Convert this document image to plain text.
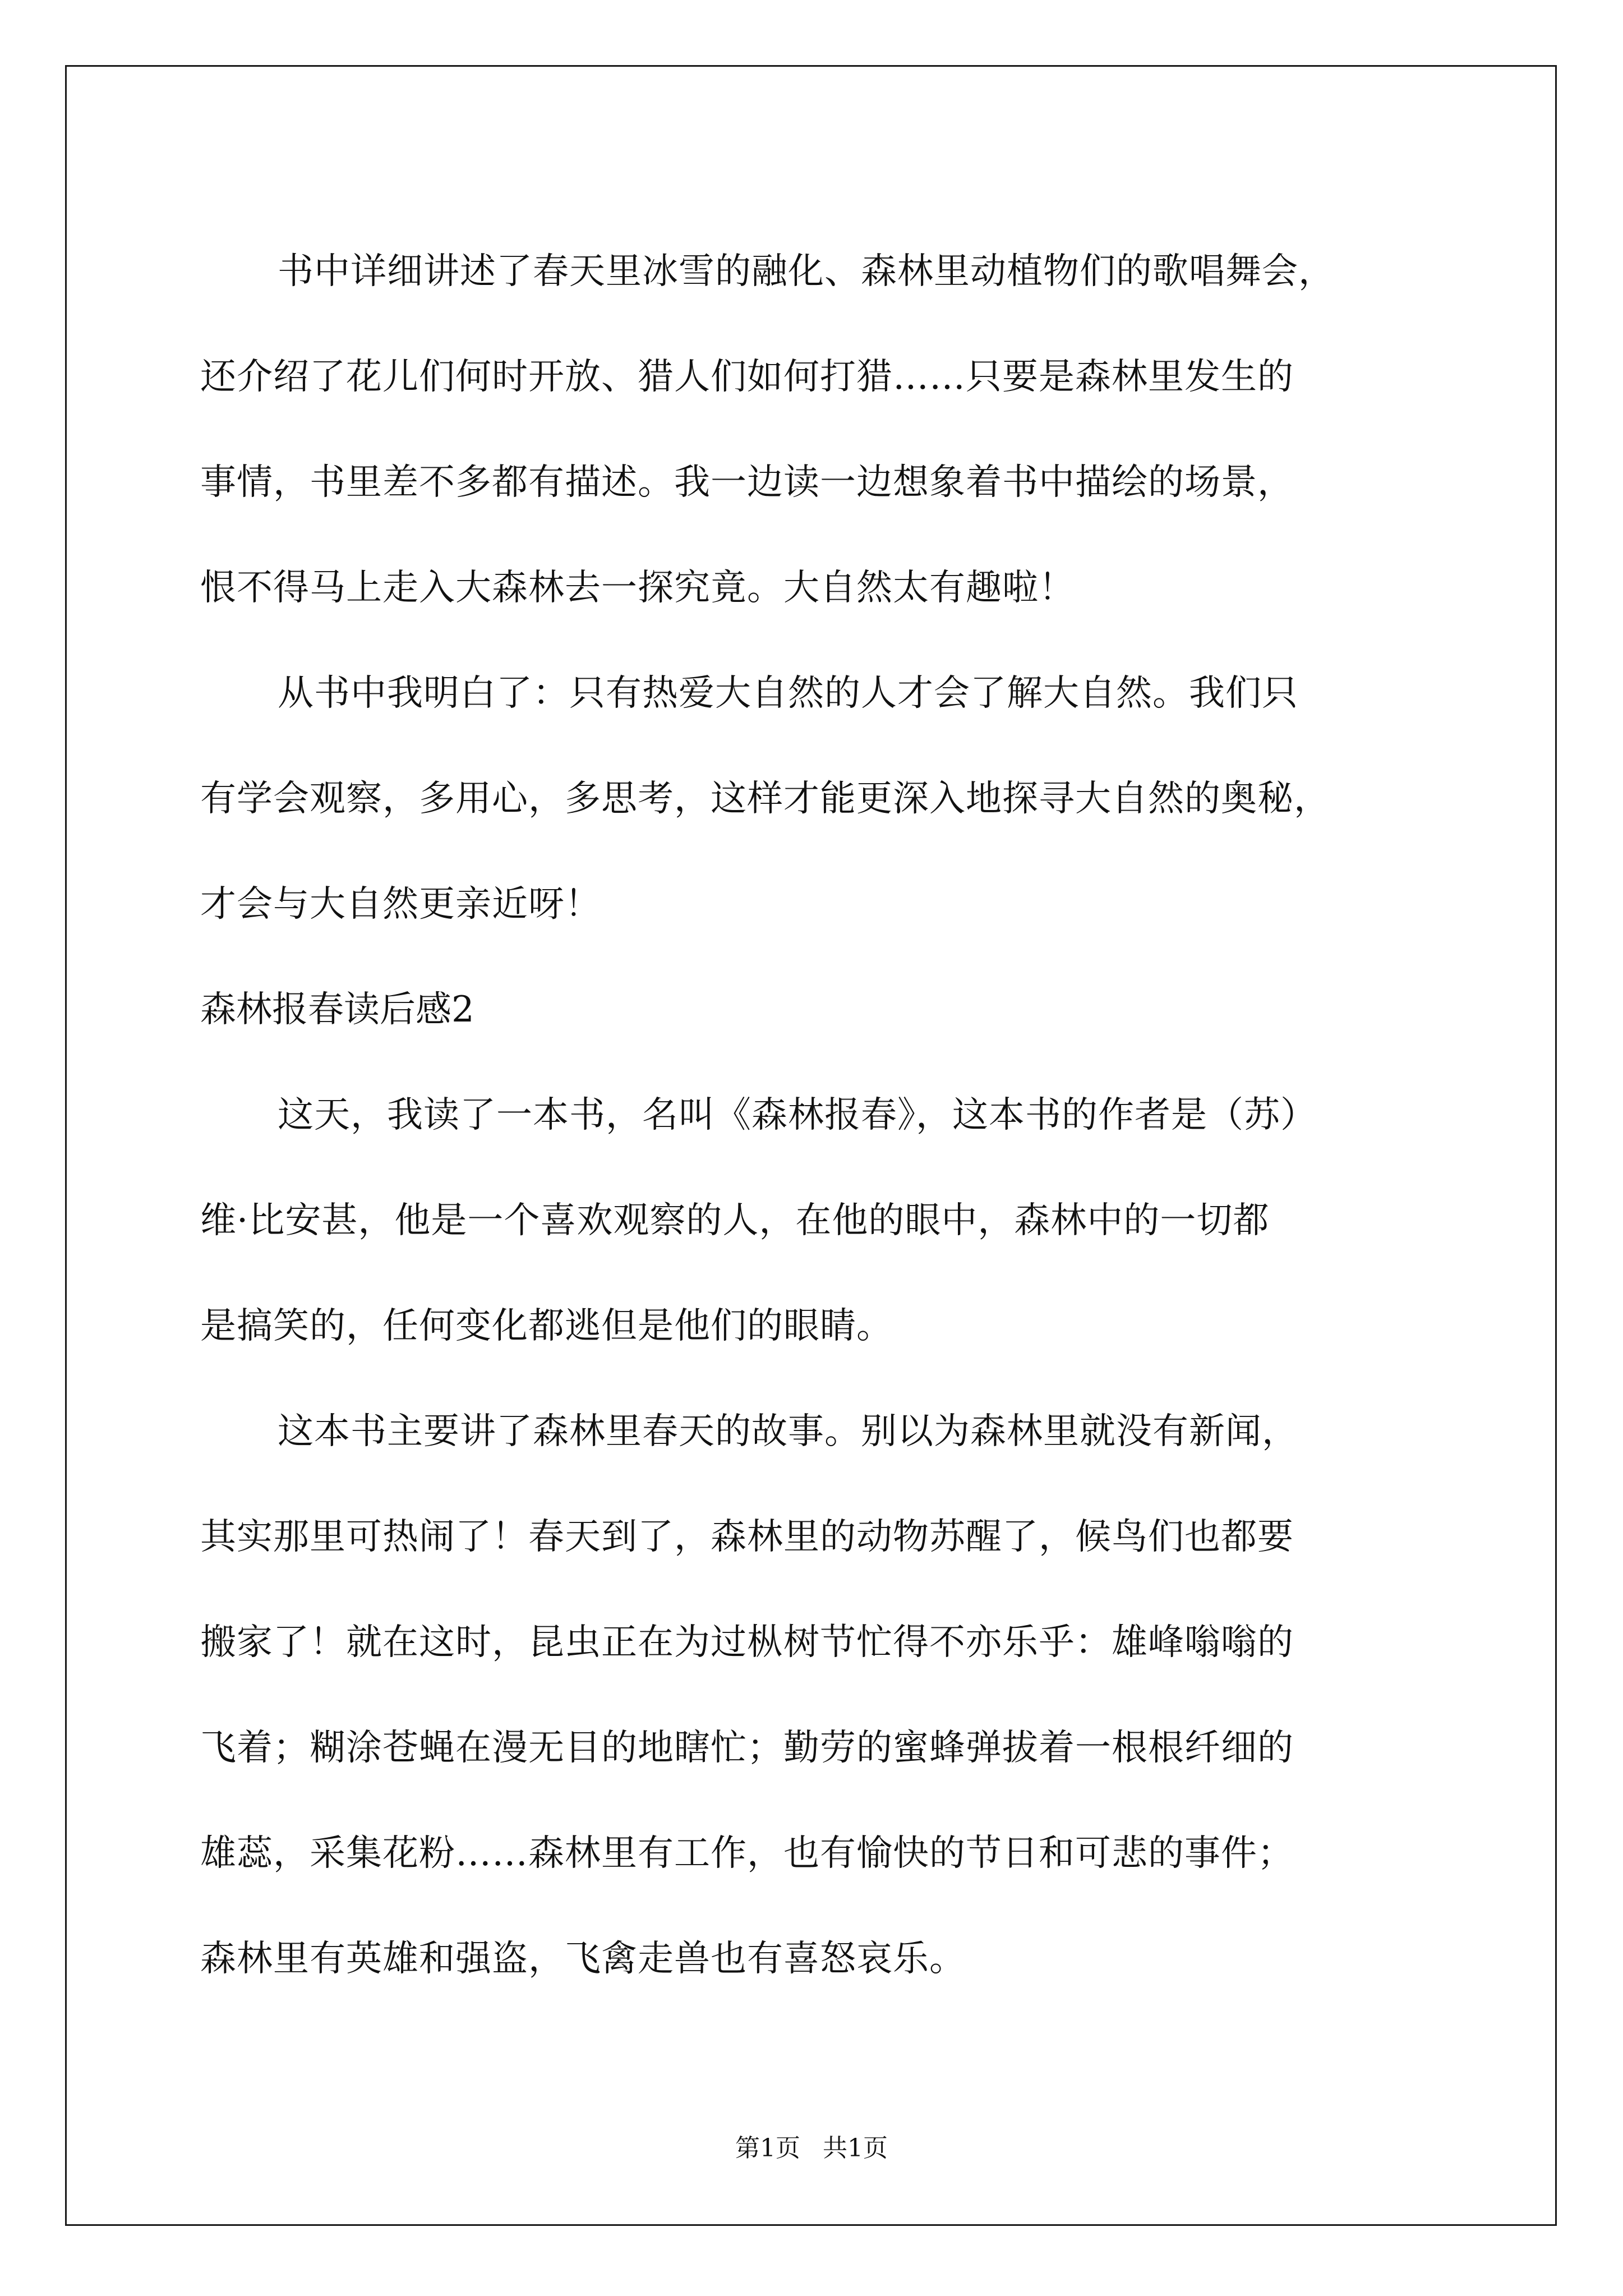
书中详细讲述了春天里冰雪的融化、森林里动植物们的歌唱舞会，
还介绍了花儿们何时开放、猎人们如何打猎……只要是森林里发生的
事情，书里差不多都有描述。我一边读一边想象着书中描绘的场景，
恨不得马上走入大森林去一探究竟。大自然太有趣啦！

从书中我明白了：只有热爱大自然的人才会了解大自然。我们只
有学会观察，多用心，多思考，这样才能更深入地探寻大自然的奥秘，
才会与大自然更亲近呀！

森林报春读后感2

这天，我读了一本书，名叫《森林报春》，这本书的作者是（苏）
维·比安甚，他是一个喜欢观察的人，在他的眼中，森林中的一切都
是搞笑的，任何变化都逃但是他们的眼睛。

这本书主要讲了森林里春天的故事。别以为森林里就没有新闻，
其实那里可热闹了！春天到了，森林里的动物苏醒了，候鸟们也都要
搬家了！就在这时，昆虫正在为过枞树节忙得不亦乐乎：雄峰嗡嗡的
飞着；糊涂苍蝇在漫无目的地瞎忙；勤劳的蜜蜂弹拔着一根根纤细的
雄蕊，采集花粉……森林里有工作，也有愉快的节日和可悲的事件；
森林里有英雄和强盗，飞禽走兽也有喜怒哀乐。

第1页 共1页
